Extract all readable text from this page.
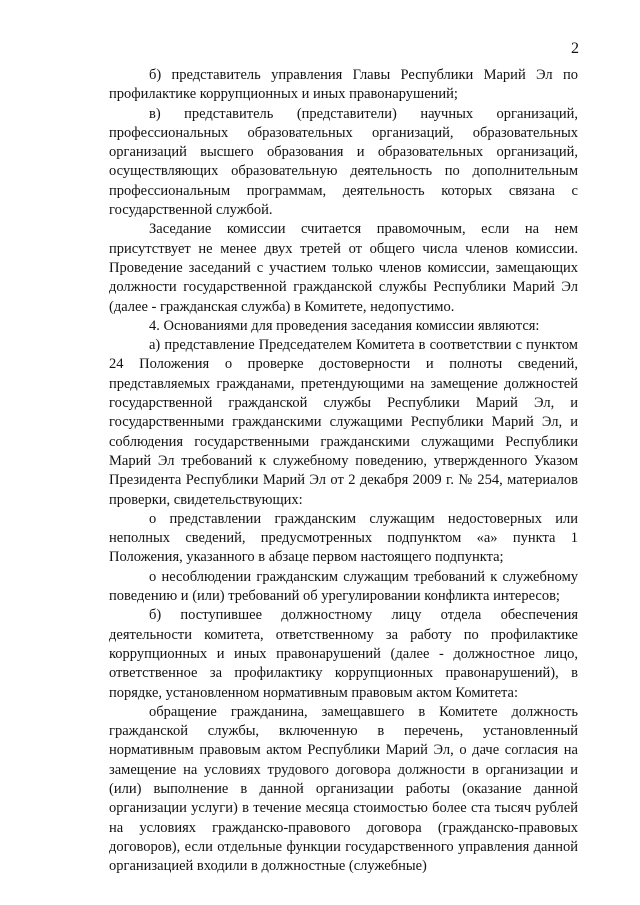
2

б) представитель управления Главы Республики Марий Эл по профилактике коррупционных и иных правонарушений;

в) представитель (представители) научных организаций, профессиональных образовательных организаций, образовательных организаций высшего образования и образовательных организаций, осуществляющих образовательную деятельность по дополнительным профессиональным программам, деятельность которых связана с государственной службой.

Заседание комиссии считается правомочным, если на нем присутствует не менее двух третей от общего числа членов комиссии. Проведение заседаний с участием только членов комиссии, замещающих должности государственной гражданской службы Республики Марий Эл (далее - гражданская служба) в Комитете, недопустимо.

4. Основаниями для проведения заседания комиссии являются:

а) представление Председателем Комитета в соответствии с пунктом 24 Положения о проверке достоверности и полноты сведений, представляемых гражданами, претендующими на замещение должностей государственной гражданской службы Республики Марий Эл, и государственными гражданскими служащими Республики Марий Эл, и соблюдения государственными гражданскими служащими Республики Марий Эл требований к служебному поведению, утвержденного Указом Президента Республики Марий Эл от 2 декабря 2009 г. № 254, материалов проверки, свидетельствующих:

о представлении гражданским служащим недостоверных или неполных сведений, предусмотренных подпунктом «а» пункта 1 Положения, указанного в абзаце первом настоящего подпункта;

о несоблюдении гражданским служащим требований к служебному поведению и (или) требований об урегулировании конфликта интересов;

б) поступившее должностному лицу отдела обеспечения деятельности комитета, ответственному за работу по профилактике коррупционных и иных правонарушений (далее - должностное лицо, ответственное за профилактику коррупционных правонарушений), в порядке, установленном нормативным правовым актом Комитета:

обращение гражданина, замещавшего в Комитете должность гражданской службы, включенную в перечень, установленный нормативным правовым актом Республики Марий Эл, о даче согласия на замещение на условиях трудового договора должности в организации и (или) выполнение в данной организации работы (оказание данной организации услуги) в течение месяца стоимостью более ста тысяч рублей на условиях гражданско-правового договора (гражданско-правовых договоров), если отдельные функции государственного управления данной организацией входили в должностные (служебные)
